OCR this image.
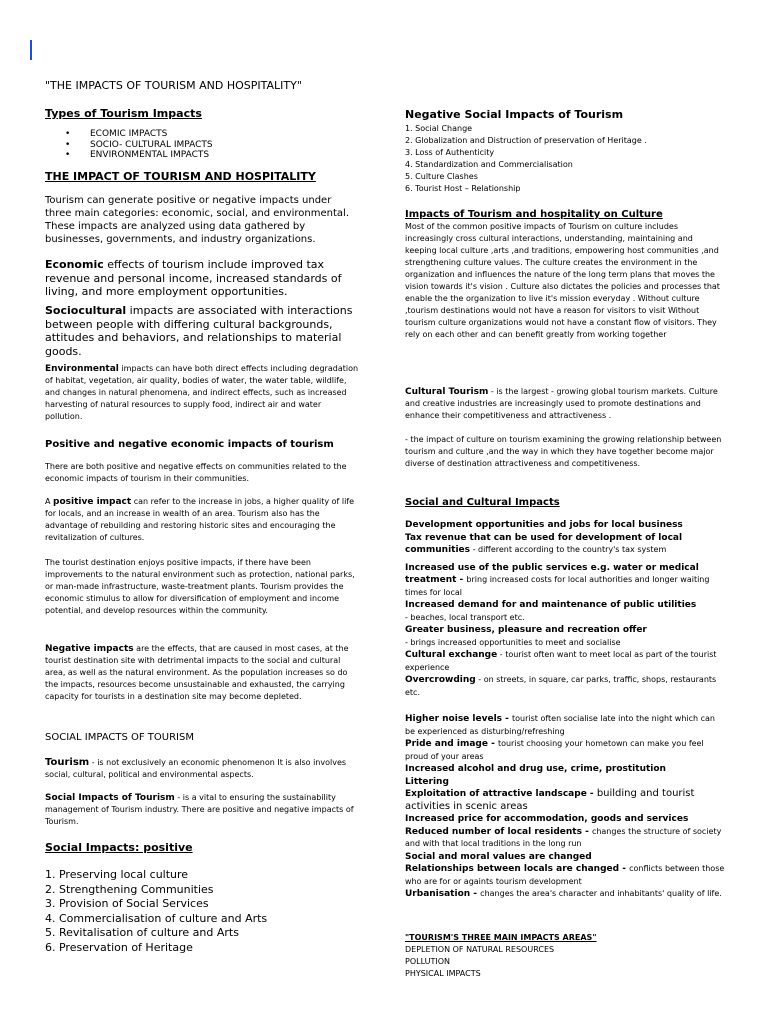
"THE IMPACTS OF TOURISM AND HOSPITALITY"

Types of Tourism Impacts

• ECOMIC IMPACTS
• SOCIO- CULTURAL IMPACTS
• ENVIRONMENTAL IMPACTS

THE IMPACT OF TOURISM AND HOSPITALITY

Tourism can generate positive or negative impacts under three main categories: economic, social, and environmental. These impacts are analyzed using data gathered by businesses, governments, and industry organizations.

Economic effects of tourism include improved tax revenue and personal income, increased standards of living, and more employment opportunities.

Sociocultural impacts are associated with interactions between people with differing cultural backgrounds, attitudes and behaviors, and relationships to material goods.

Environmental impacts can have both direct effects including degradation of habitat, vegetation, air quality, bodies of water, the water table, wildlife, and changes in natural phenomena, and indirect effects, such as increased harvesting of natural resources to supply food, indirect air and water pollution.

Positive and negative economic impacts of tourism

There are both positive and negative effects on communities related to the economic impacts of tourism in their communities.

A positive impact can refer to the increase in jobs, a higher quality of life for locals, and an increase in wealth of an area. Tourism also has the advantage of rebuilding and restoring historic sites and encouraging the revitalization of cultures.

The tourist destination enjoys positive impacts, if there have been improvements to the natural environment such as protection, national parks, or man-made infrastructure, waste-treatment plants. Tourism provides the economic stimulus to allow for diversification of employment and income potential, and develop resources within the community.

Negative impacts are the effects, that are caused in most cases, at the tourist destination site with detrimental impacts to the social and cultural area, as well as the natural environment. As the population increases so do the impacts, resources become unsustainable and exhausted, the carrying capacity for tourists in a destination site may become depleted.

SOCIAL IMPACTS OF TOURISM

Tourism - is not exclusively an economic phenomenon It is also involves social, cultural, political and environmental aspects.

Social Impacts of Tourism - is a vital to ensuring the sustainability management of Tourism industry. There are positive and negative impacts of Tourism.

Social Impacts: positive

1. Preserving local culture
2. Strengthening Communities
3. Provision of Social Services
4. Commercialisation of culture and Arts
5. Revitalisation of culture and Arts
6. Preservation of Heritage

Negative Social Impacts of Tourism

1. Social Change
2. Globalization and Distruction of preservation of Heritage .
3. Loss of Authenticity
4. Standardization and Commercialisation
5. Culture Clashes
6. Tourist Host – Relationship

Impacts of Tourism and hospitality on Culture

Most of the common positive impacts of Tourism on culture includes increasingly cross cultural interactions, understanding, maintaining and keeping local culture ,arts ,and traditions, empowering host communities ,and strengthening culture values. The culture creates the environment in the organization and influences the nature of the long term plans that moves the vision towards it's vision . Culture also dictates the policies and processes that enable the the organization to live it's mission everyday . Without culture ,tourism destinations would not have a reason for visitors to visit Without tourism culture organizations would not have a constant flow of visitors. They rely on each other and can benefit greatly from working together

Cultural Tourism - is the largest - growing global tourism markets. Culture and creative industries are increasingly used to promote destinations and enhance their competitiveness and attractiveness .

- the impact of culture on tourism examining the growing relationship between tourism and culture ,and the way in which they have together become major diverse of destination attractiveness and competitiveness.

Social and Cultural Impacts

Development opportunities and jobs for local business
Tax revenue that can be used for development of local communities - different according to the country's tax system
Increased use of the public services e.g. water or medical treatment - bring increased costs for local authorities and longer waiting times for local
Increased demand for and maintenance of public utilities
- beaches, local transport etc.
Greater business, pleasure and recreation offer
- brings increased opportunities to meet and socialise
Cultural exchange - tourist often want to meet local as part of the tourist experience
Overcrowding - on streets, in square, car parks, traffic, shops, restaurants etc.
Higher noise levels - tourist often socialise late into the night which can be experienced as disturbing/refreshing
Pride and image - tourist choosing your hometown can make you feel proud of your areas
Increased alcohol and drug use, crime, prostitution
Littering
Exploitation of attractive landscape - building and tourist activities in scenic areas
Increased price for accommodation, goods and services
Reduced number of local residents - changes the structure of society and with that local traditions in the long run
Social and moral values are changed
Relationships between locals are changed - conflicts between those who are for or againts tourism development
Urbanisation - changes the area's character and inhabitants' quality of life.

"TOURISM'S THREE MAIN IMPACTS AREAS"

DEPLETION OF NATURAL RESOURCES
POLLUTION
PHYSICAL IMPACTS
